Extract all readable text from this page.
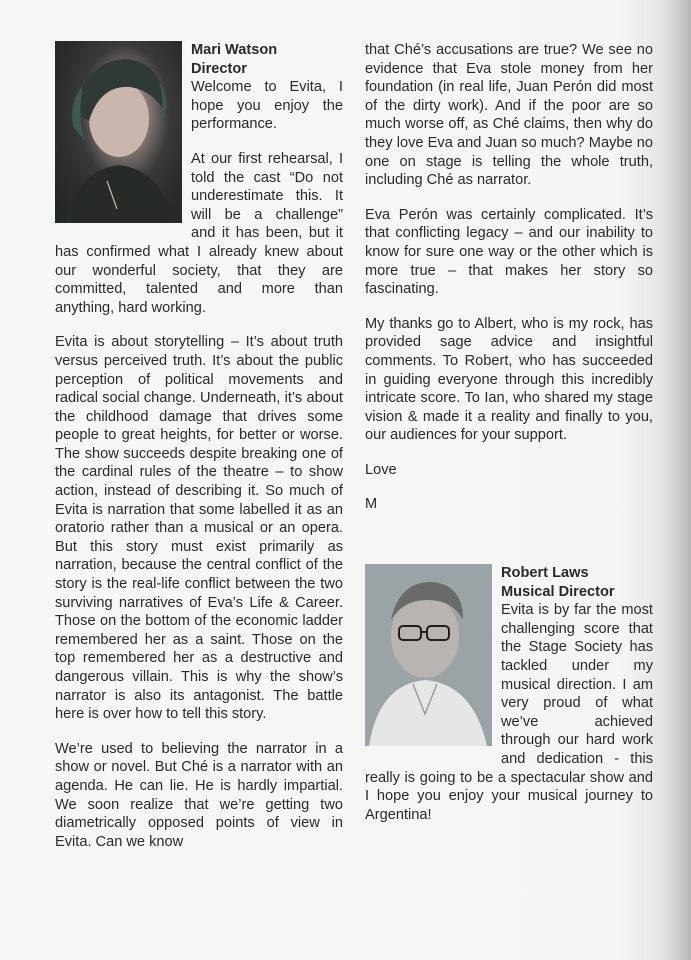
Mari Watson
Director

Welcome to Evita, I hope you enjoy the performance.

At our first rehearsal, I told the cast “Do not underestimate this. It will be a challenge” and it has been, but it has confirmed what I already knew about our wonderful society, that they are committed, talented and more than anything, hard working.

Evita is about storytelling – It’s about truth versus perceived truth. It’s about the public perception of political movements and radical social change. Underneath, it’s about the childhood damage that drives some people to great heights, for better or worse. The show succeeds despite breaking one of the cardinal rules of the theatre – to show action, instead of describing it. So much of Evita is narration that some labelled it as an oratorio rather than a musical or an opera. But this story must exist primarily as narration, because the central conflict of the story is the real-life conflict between the two surviving narratives of Eva’s Life & Career. Those on the bottom of the economic ladder remembered her as a saint. Those on the top remembered her as a destructive and dangerous villain. This is why the show’s narrator is also its antagonist. The battle here is over how to tell this story.

We’re used to believing the narrator in a show or novel. But Ché is a narrator with an agenda. He can lie. He is hardly impartial. We soon realize that we’re getting two diametrically opposed points of view in Evita. Can we know

that Ché’s accusations are true? We see no evidence that Eva stole money from her foundation (in real life, Juan Perón did most of the dirty work). And if the poor are so much worse off, as Ché claims, then why do they love Eva and Juan so much? Maybe no one on stage is telling the whole truth, including Ché as narrator.

Eva Perón was certainly complicated. It’s that conflicting legacy – and our inability to know for sure one way or the other which is more true – that makes her story so fascinating.

My thanks go to Albert, who is my rock, has provided sage advice and insightful comments. To Robert, who has succeeded in guiding everyone through this incredibly intricate score. To Ian, who shared my stage vision & made it a reality and finally to you, our audiences for your support.

Love

M

Robert Laws
Musical Director

Evita is by far the most challenging score that the Stage Society has tackled under my musical direction. I am very proud of what we’ve achieved through our hard work and dedication - this really is going to be a spectacular show and I hope you enjoy your musical journey to Argentina!
